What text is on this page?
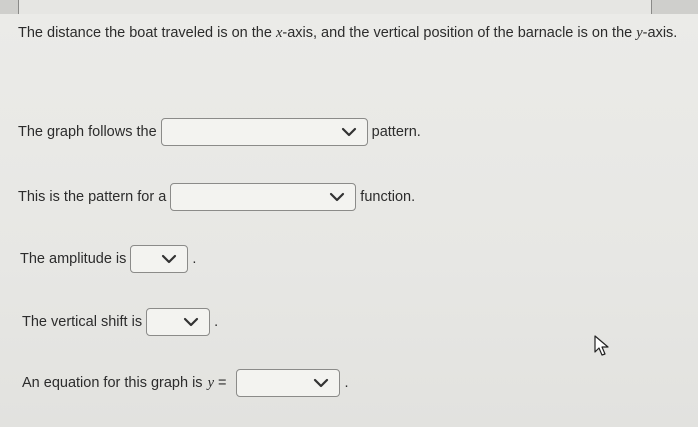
The distance the boat traveled is on the x-axis, and the vertical position of the barnacle is on the y-axis.
The graph follows the	pattern.
This is the pattern for a	function.
The amplitude is	.
The vertical shift is	.
An equation for this graph is y =	.
